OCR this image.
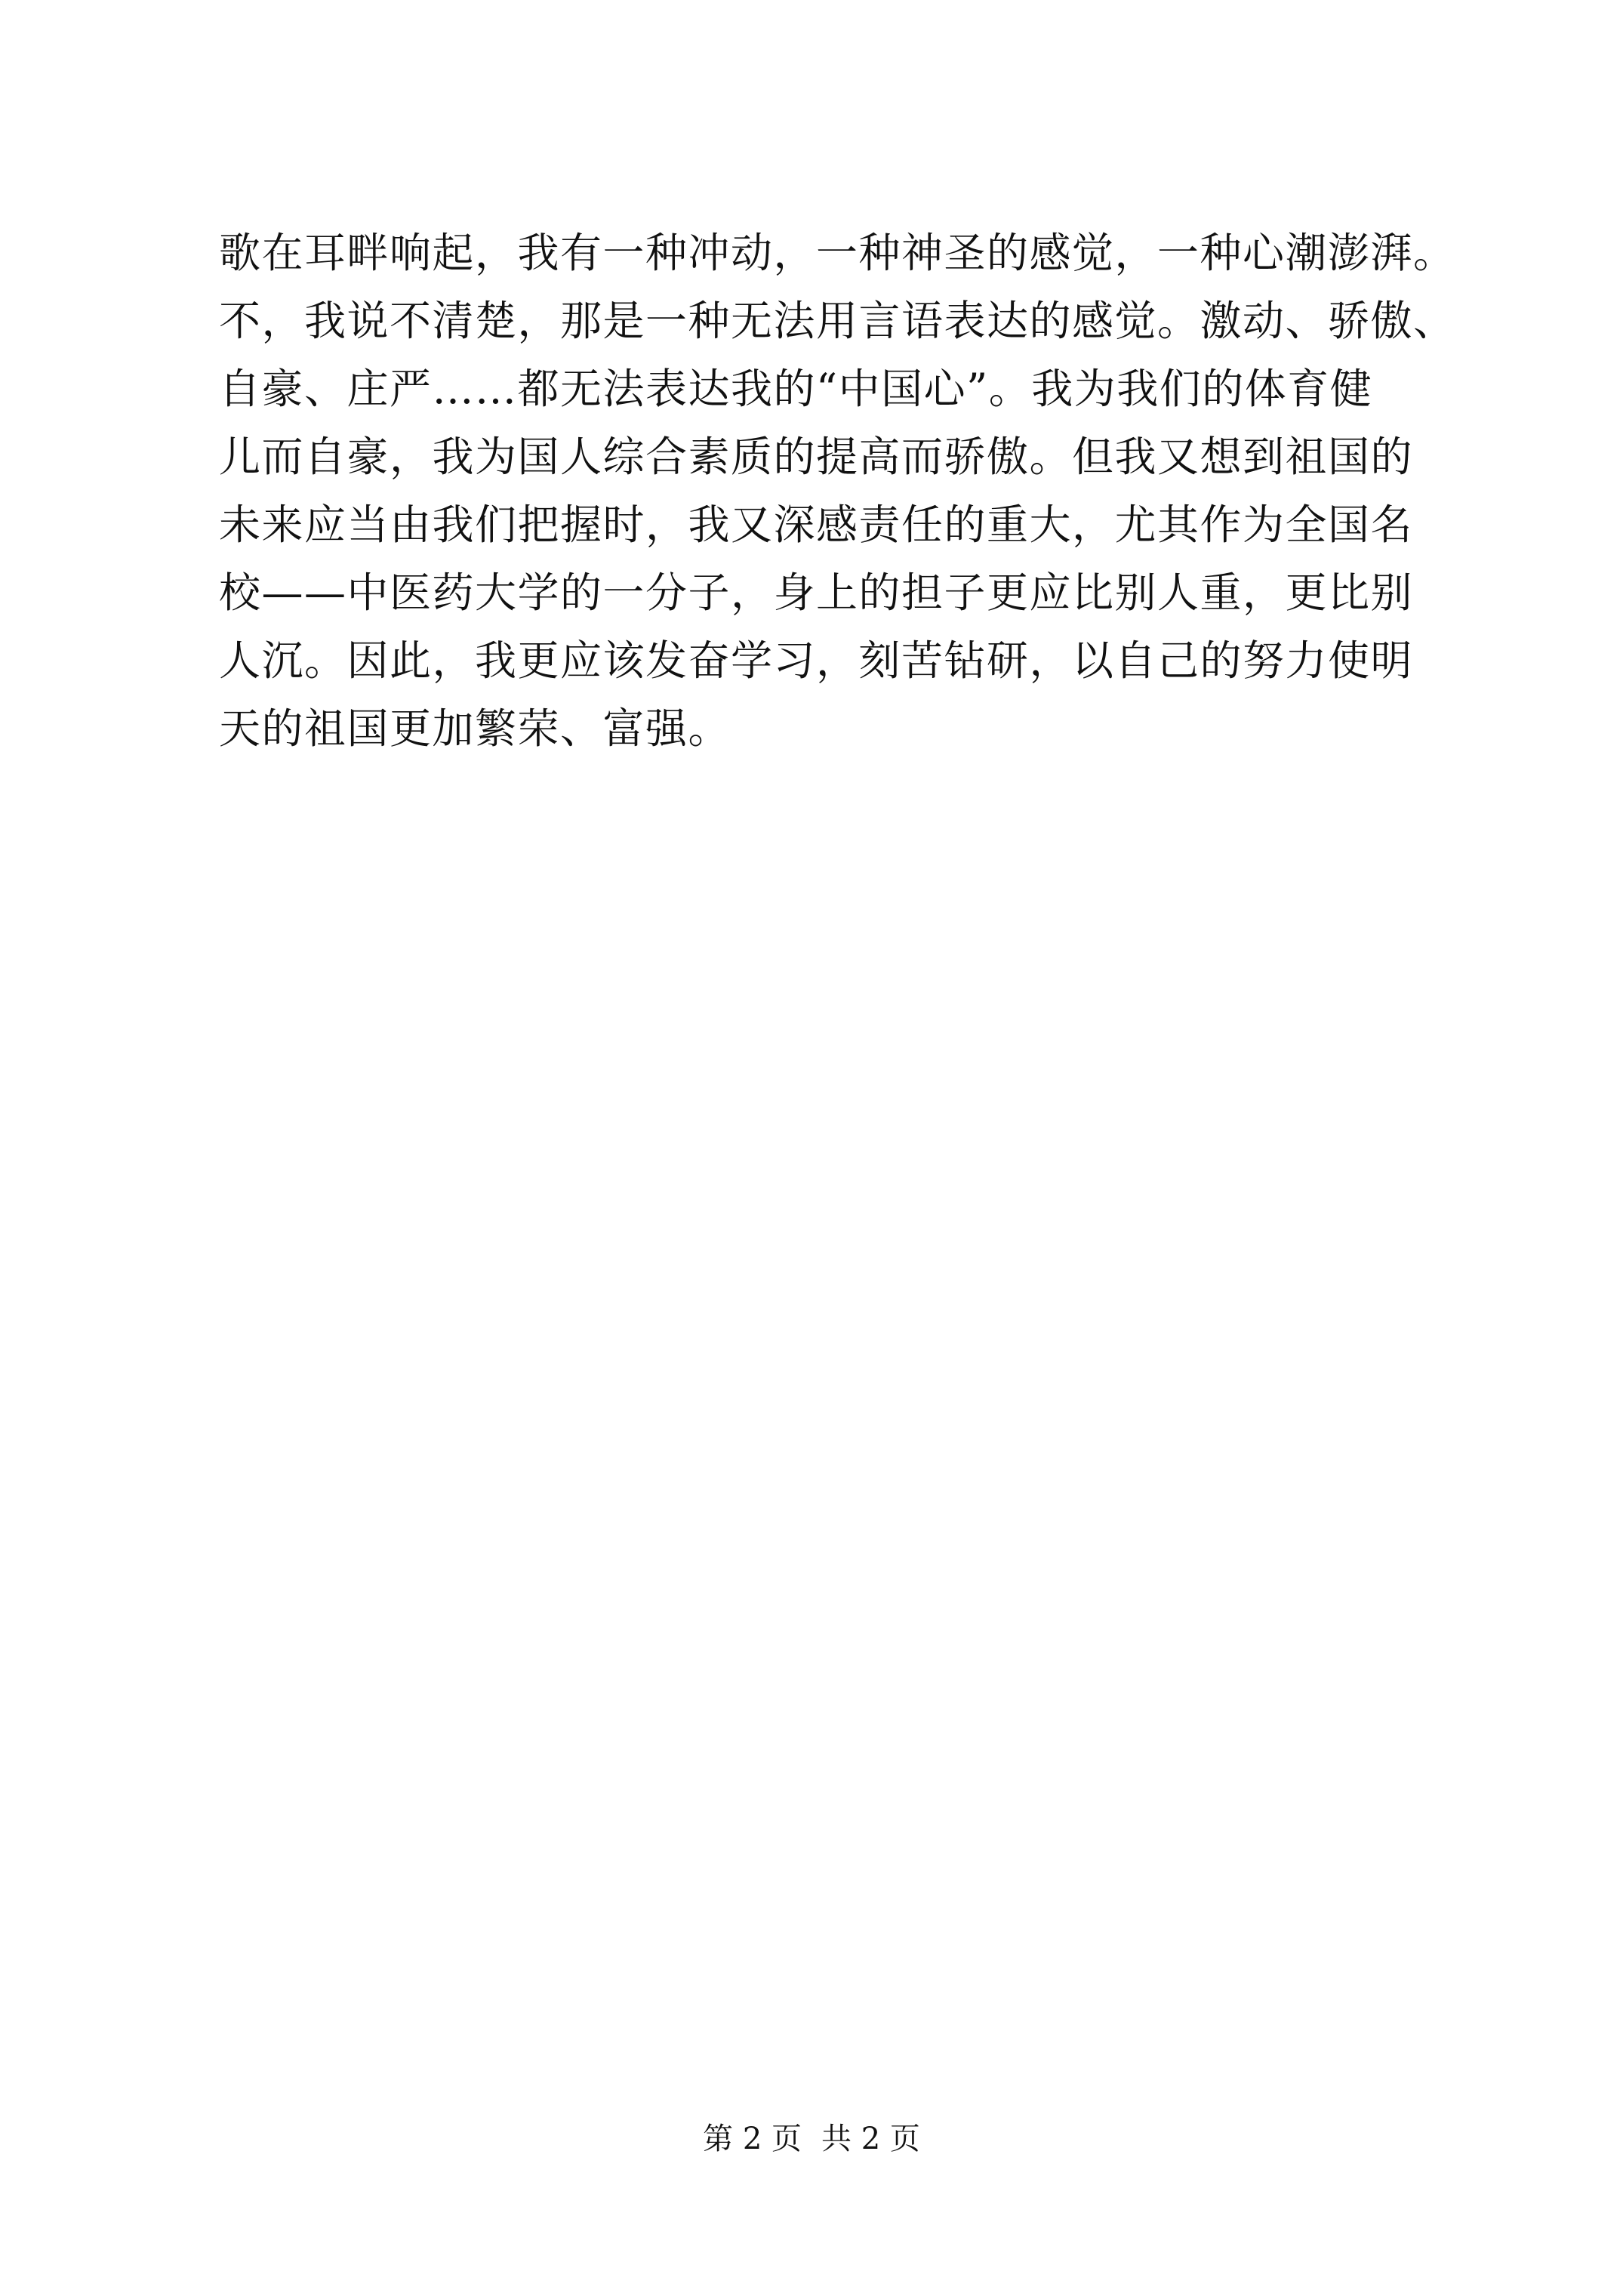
歌在耳畔响起，我有一种冲动，一种神圣的感觉，一种心潮澎湃。
不，我说不清楚，那是一种无法用言语表达的感觉。激动、骄傲、
自豪、庄严……都无法表达我的“中国心”。我为我们的体育健
儿而自豪，我为国人综合素质的提高而骄傲。但我又想到祖国的
未来应当由我们把握时，我又深感责任的重大，尤其作为全国名
校——中医药大学的一分子，身上的担子更应比别人重，更比别
人沉。因此，我更应该发奋学习，刻苦钻研，以自己的努力使明
天的祖国更加繁荣、富强。
第 2 页 共 2 页
